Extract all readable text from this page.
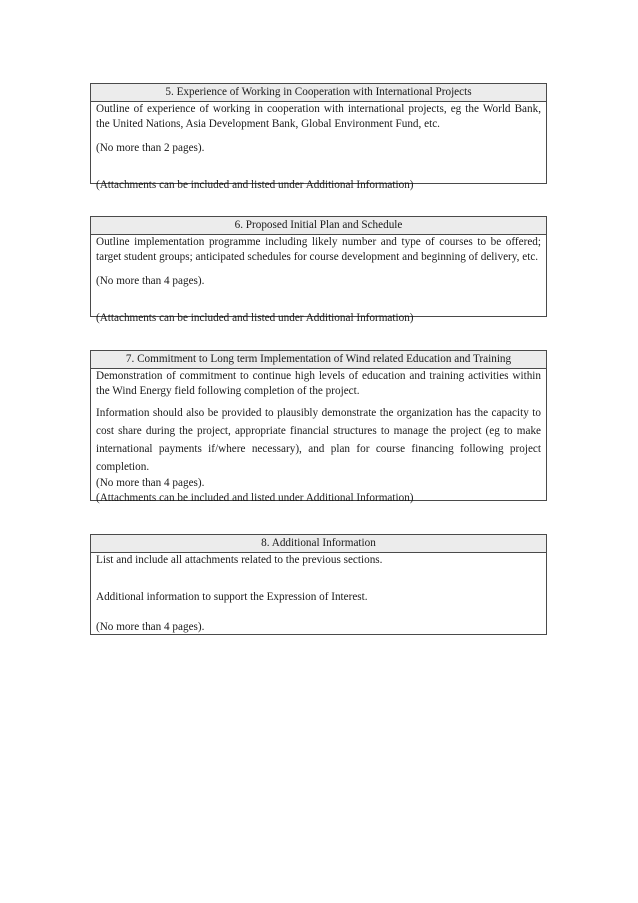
5. Experience of Working in Cooperation with International Projects

Outline of experience of working in cooperation with international projects, eg the World Bank, the United Nations, Asia Development Bank, Global Environment Fund, etc.

(No more than 2 pages).

(Attachments can be included and listed under Additional Information)

6. Proposed Initial Plan and Schedule

Outline implementation programme including likely number and type of courses to be offered; target student groups; anticipated schedules for course development and beginning of delivery, etc.

(No more than 4 pages).

(Attachments can be included and listed under Additional Information)

7. Commitment to Long term Implementation of Wind related Education and Training

Demonstration of commitment to continue high levels of education and training activities within the Wind Energy field following completion of the project.

Information should also be provided to plausibly demonstrate the organization has the capacity to cost share during the project, appropriate financial structures to manage the project (eg to make international payments if/where necessary), and plan for course financing following project completion.

(No more than 4 pages).

(Attachments can be included and listed under Additional Information)

8. Additional Information

List and include all attachments related to the previous sections.

Additional information to support the Expression of Interest.

(No more than 4 pages).
